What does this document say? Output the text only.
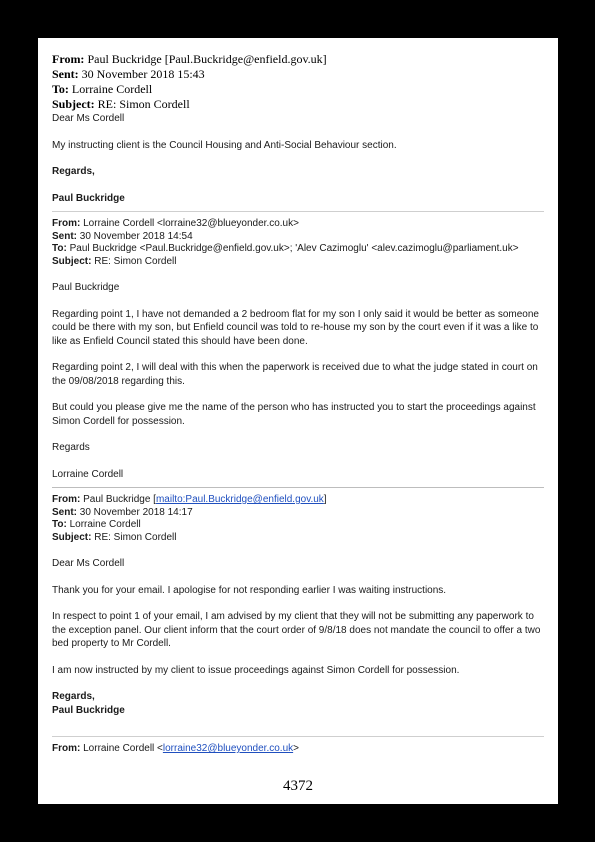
From: Paul Buckridge [Paul.Buckridge@enfield.gov.uk]
Sent: 30 November 2018 15:43
To: Lorraine Cordell
Subject: RE: Simon Cordell

Dear Ms Cordell

My instructing client is the Council Housing and Anti-Social Behaviour section.

Regards,

Paul Buckridge

From: Lorraine Cordell <lorraine32@blueyonder.co.uk>
Sent: 30 November 2018 14:54
To: Paul Buckridge <Paul.Buckridge@enfield.gov.uk>; 'Alev Cazimoglu' <alev.cazimoglu@parliament.uk>
Subject: RE: Simon Cordell

Paul Buckridge

Regarding point 1, I have not demanded a 2 bedroom flat for my son I only said it would be better as someone could be there with my son, but Enfield council was told to re-house my son by the court even if it was a like to like as Enfield Council stated this should have been done.

Regarding point 2, I will deal with this when the paperwork is received due to what the judge stated in court on the 09/08/2018 regarding this.

But could you please give me the name of the person who has instructed you to start the proceedings against Simon Cordell for possession.

Regards

Lorraine Cordell

From: Paul Buckridge [mailto:Paul.Buckridge@enfield.gov.uk]
Sent: 30 November 2018 14:17
To: Lorraine Cordell
Subject: RE: Simon Cordell

Dear Ms Cordell

Thank you for your email. I apologise for not responding earlier I was waiting instructions.

In respect to point 1 of your email, I am advised by my client that they will not be submitting any paperwork to the exception panel. Our client inform that the court order of 9/8/18 does not mandate the council to offer a two bed property to Mr Cordell.

I am now instructed by my client to issue proceedings against Simon Cordell for possession.

Regards,

Paul Buckridge

From: Lorraine Cordell <lorraine32@blueyonder.co.uk>
4372
